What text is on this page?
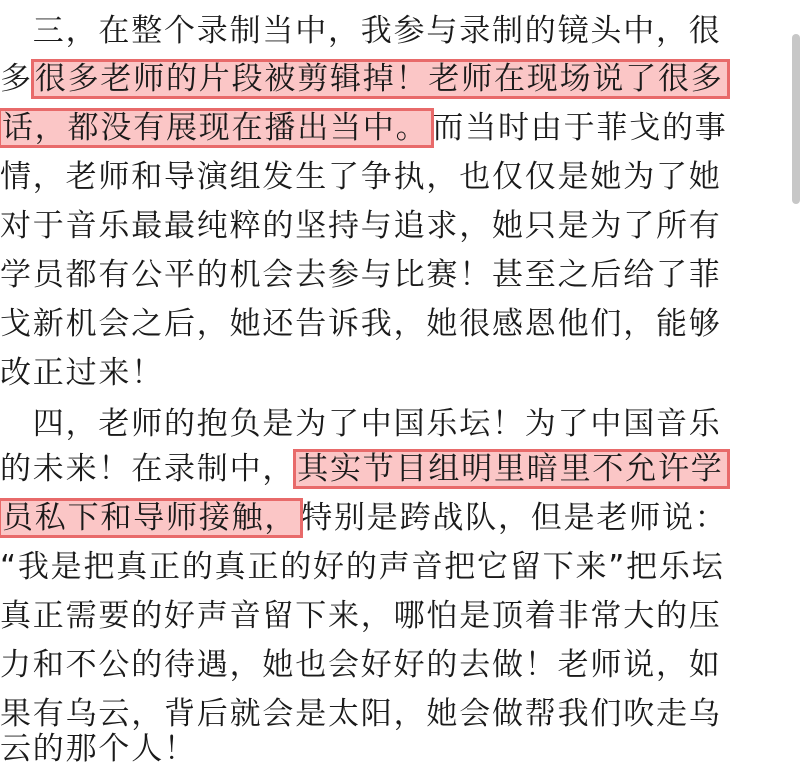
　三，在整个录制当中，我参与录制的镜头中，很
多很多老师的片段被剪辑掉！老师在现场说了很多
话，都没有展现在播出当中。 而当时由于菲戈的事
情，老师和导演组发生了争执，也仅仅是她为了她
对于音乐最最纯粹的坚持与追求，她只是为了所有
学员都有公平的机会去参与比赛！甚至之后给了菲
戈新机会之后，她还告诉我，她很感恩他们，能够
改正过来！
　四，老师的抱负是为了中国乐坛！为了中国音乐
的未来！在录制中，其实节目组明里暗里不允许学
员私下和导师接触， 特别是跨战队，但是老师说：
“我是把真正的真正的好的声音把它留下来”把乐坛
真正需要的好声音留下来，哪怕是顶着非常大的压
力和不公的待遇，她也会好好的去做！老师说，如
果有乌云，背后就会是太阳，她会做帮我们吹走乌
云的那个人！
